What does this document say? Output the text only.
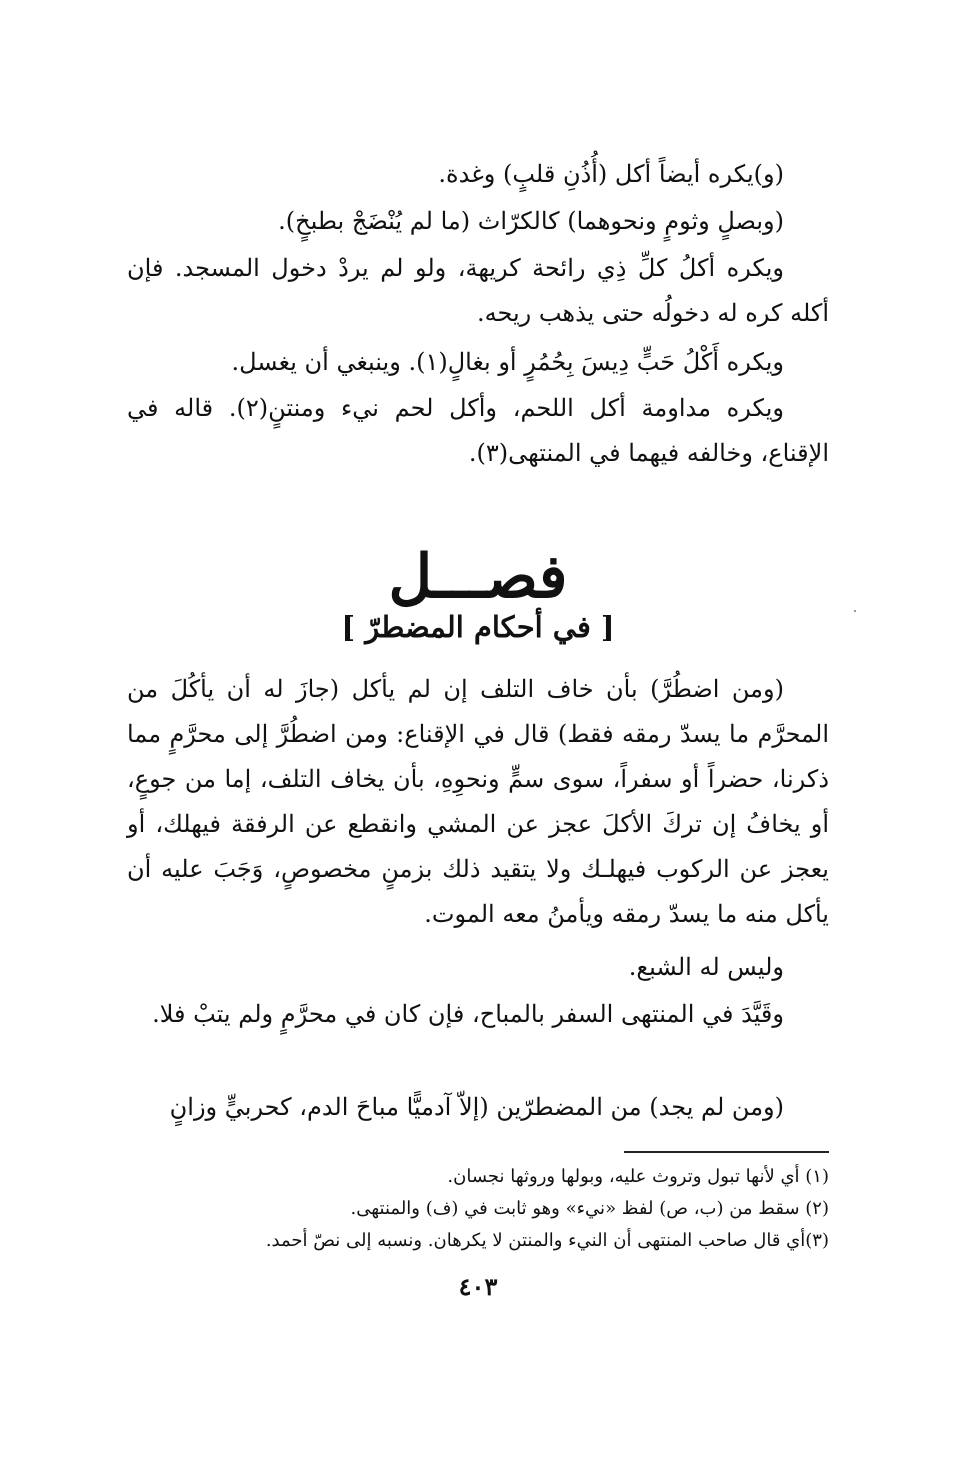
(و)يكره أيضاً أكل (أُذُنِ قلبٍ) وغدة.

(وبصلٍ وثومٍ ونحوهما) كالكرّاث (ما لم يُنْضَجْ بطبخٍ).

ويكره أكلُ كلِّ ذِي رائحة كريهة، ولو لم يردْ دخول المسجد. فإن أكله كره له دخولُه حتى يذهب ريحه.

ويكره أَكْلُ حَبٍّ دِيسَ بِحُمُرٍ أو بغالٍ(١). وينبغي أن يغسل.

ويكره مداومة أكل اللحم، وأكل لحم نيء ومنتنٍ(٢). قاله في الإقناع، وخالفه فيهما في المنتهى(٣).

فصـــل
[ في أحكام المضطرّ ]

(ومن اضطُرَّ) بأن خاف التلف إن لم يأكل (جازَ له أن يأكُلَ من المحرَّم ما يسدّ رمقه فقط) قال في الإقناع: ومن اضطُرَّ إلى محرَّمٍ مما ذكرنا، حضراً أو سفراً، سوى سمٍّ ونحوِهِ، بأن يخاف التلف، إما من جوعٍ، أو يخافُ إن تركَ الأكلَ عجز عن المشي وانقطع عن الرفقة فيهلك، أو يعجز عن الركوب فيهلـك ولا يتقيد ذلك بزمنٍ مخصوصٍ، وَجَبَ عليه أن يأكل منه ما يسدّ رمقه ويأمنُ معه الموت.

وليس له الشبع.

وقَيَّدَ في المنتهى السفر بالمباح، فإن كان في محرَّمٍ ولم يتبْ فلا.

(ومن لم يجد) من المضطرّين (إلاّ آدميًّا مباحَ الدم، كحربيٍّ وزانٍ

(١) أي لأنها تبول وتروث عليه، وبولها وروثها نجسان.
(٢) سقط من (ب، ص) لفظ «نيء» وهو ثابت في (ف) والمنتهى.
(٣)أي قال صاحب المنتهى أن النيء والمنتن لا يكرهان. ونسبه إلى نصّ أحمد.
٤٠٣
